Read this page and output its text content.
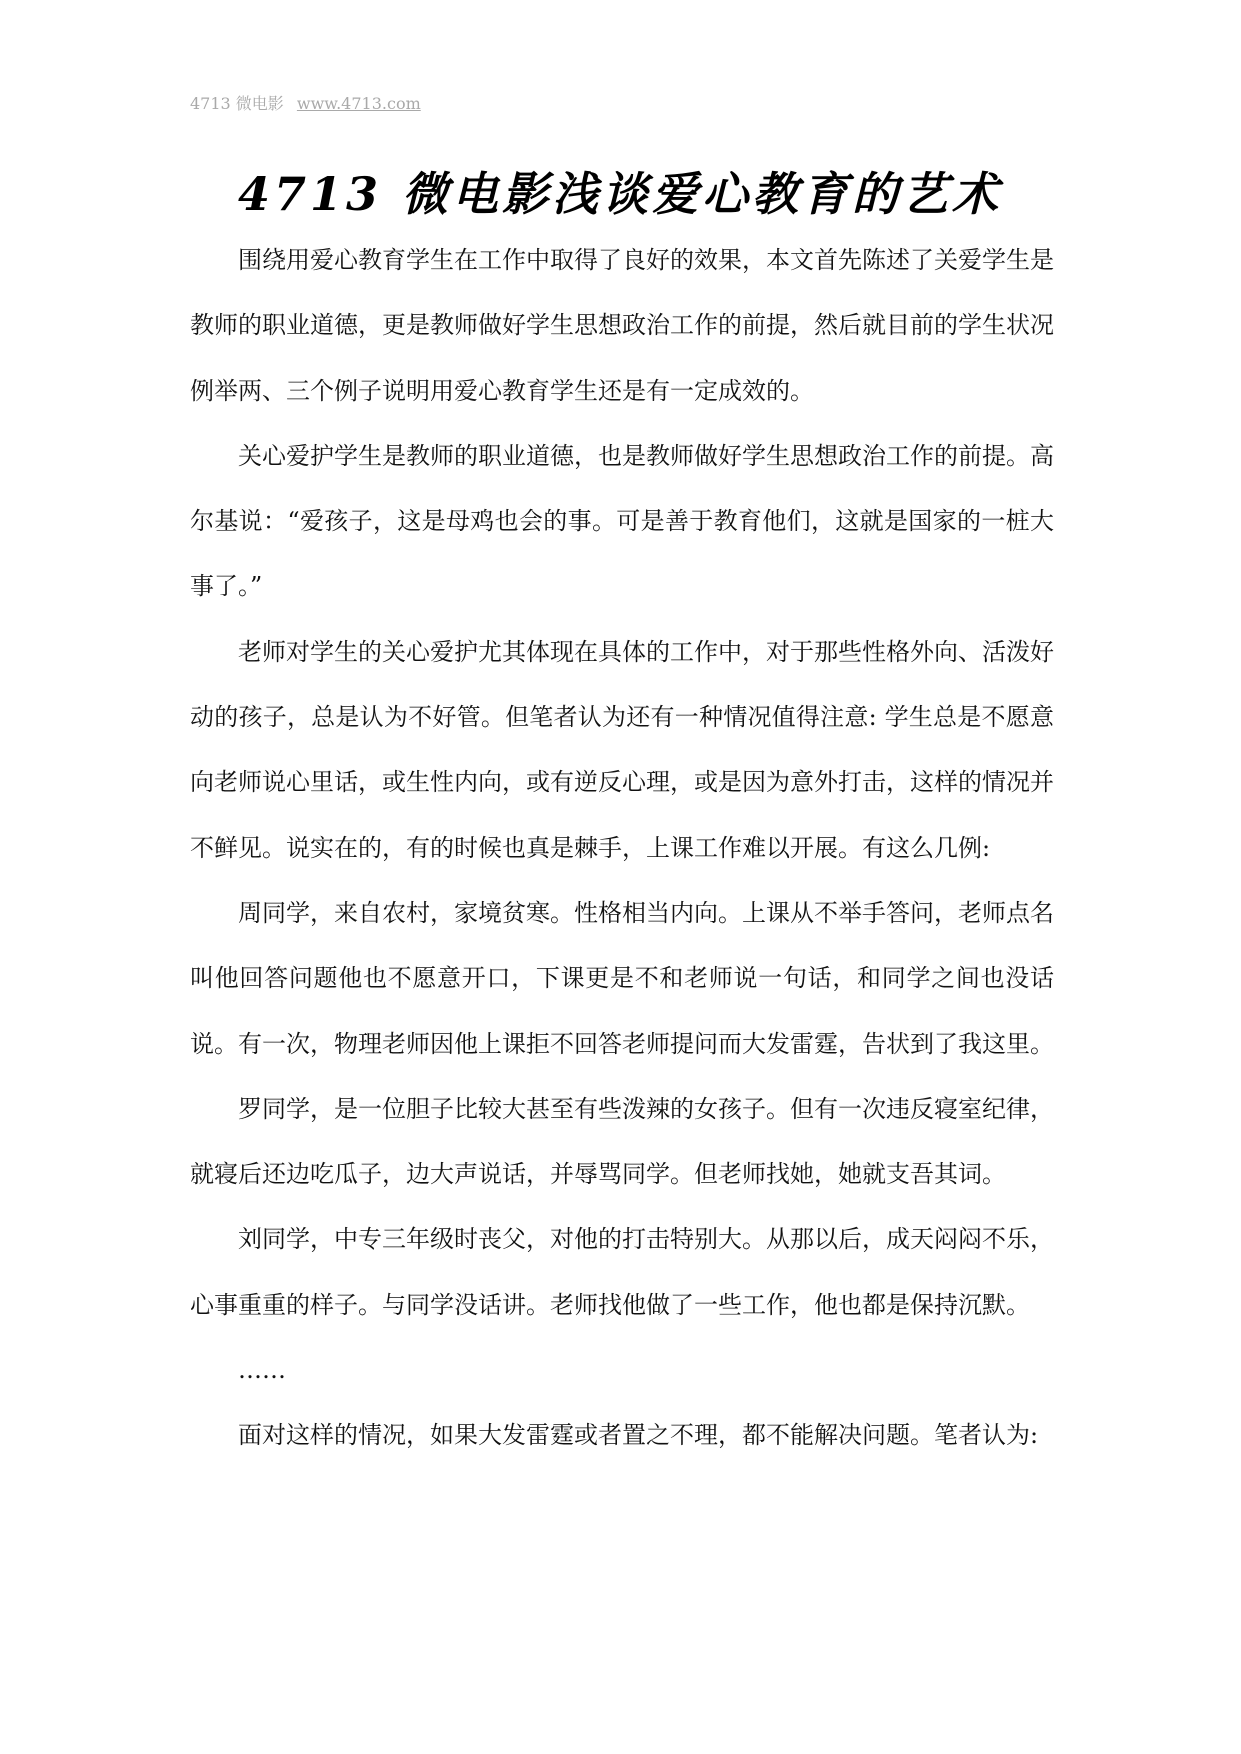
4713 微电影 www.4713.com
4713 微电影浅谈爱心教育的艺术

围绕用爱心教育学生在工作中取得了良好的效果，本文首先陈述了关爱学生是教师的职业道德，更是教师做好学生思想政治工作的前提，然后就目前的学生状况例举两、三个例子说明用爱心教育学生还是有一定成效的。

关心爱护学生是教师的职业道德，也是教师做好学生思想政治工作的前提。高尔基说：“爱孩子，这是母鸡也会的事。可是善于教育他们，这就是国家的一桩大事了。”

老师对学生的关心爱护尤其体现在具体的工作中，对于那些性格外向、活泼好动的孩子，总是认为不好管。但笔者认为还有一种情况值得注意: 学生总是不愿意向老师说心里话，或生性内向，或有逆反心理，或是因为意外打击，这样的情况并不鲜见。说实在的，有的时候也真是棘手，上课工作难以开展。有这么几例:

周同学，来自农村，家境贫寒。性格相当内向。上课从不举手答问，老师点名叫他回答问题他也不愿意开口，下课更是不和老师说一句话，和同学之间也没话说。有一次，物理老师因他上课拒不回答老师提问而大发雷霆，告状到了我这里。

罗同学，是一位胆子比较大甚至有些泼辣的女孩子。但有一次违反寝室纪律，就寝后还边吃瓜子，边大声说话，并辱骂同学。但老师找她，她就支吾其词。

刘同学，中专三年级时丧父，对他的打击特别大。从那以后，成天闷闷不乐，心事重重的样子。与同学没话讲。老师找他做了一些工作，他也都是保持沉默。

……

面对这样的情况，如果大发雷霆或者置之不理，都不能解决问题。笔者认为:
